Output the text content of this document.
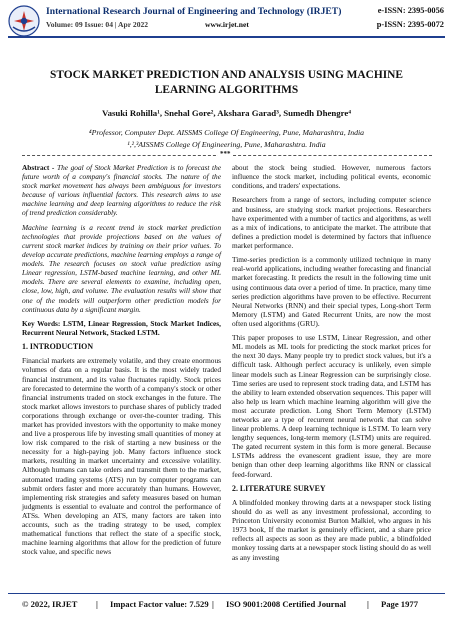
International Research Journal of Engineering and Technology (IRJET)	e-ISSN: 2395-0056
Volume: 09 Issue: 04 | Apr 2022	www.irjet.net	p-ISSN: 2395-0072
STOCK MARKET PREDICTION AND ANALYSIS USING MACHINE LEARNING ALGORITHMS
Vasuki Rohilla¹, Snehal Gore², Akshara Garad³, Sumedh Dhengre⁴
⁴Professor, Computer Dept. AISSMS College Of Engineering, Pune, Maharashtra, India
¹,²,³AISSMS College Of Engineering, Pune, Maharashtra. India
***

Abstract - The goal of Stock Market Prediction is to forecast the future worth of a company's financial stocks. The nature of the stock market movement has always been ambiguous for investors because of various influential factors. This research aims to use machine learning and deep learning algorithms to reduce the risk of trend prediction considerably.

Machine learning is a recent trend in stock market prediction technologies that provide projections based on the values of current stock market indices by training on their prior values. To develop accurate predictions, machine learning employs a range of models. The research focuses on stock value prediction using Linear regression, LSTM-based machine learning, and other ML models. There are several elements to examine, including open, close, low, high, and volume. The evaluation results will show that one of the models will outperform other prediction models for continuous data by a significant margin.

Key Words: LSTM, Linear Regression, Stock Market Indices, Recurrent Neural Network, Stacked LSTM.

1. INTRODUCTION

Financial markets are extremely volatile, and they create enormous volumes of data on a regular basis. It is the most widely traded financial instrument, and its value fluctuates rapidly. Stock prices are forecasted to determine the worth of a company's stock or other financial instruments traded on stock exchanges in the future. The stock market allows investors to purchase shares of publicly traded corporations through exchange or over-the-counter trading. This market has provided investors with the opportunity to make money and live a prosperous life by investing small quantities of money at low risk compared to the risk of starting a new business or the necessity for a high-paying job. Many factors influence stock markets, resulting in market uncertainty and excessive volatility. Although humans can take orders and transmit them to the market, automated trading systems (ATS) run by computer programs can submit orders faster and more accurately than humans. However, implementing risk strategies and safety measures based on human judgments is essential to evaluate and control the performance of ATSs. When developing an ATS, many factors are taken into accounts, such as the trading strategy to be used, complex mathematical functions that reflect the state of a specific stock, machine learning algorithms that allow for the prediction of future stock value, and specific news

about the stock being studied. However, numerous factors influence the stock market, including political events, economic conditions, and traders' expectations.

Researchers from a range of sectors, including computer science and business, are studying stock market projections. Researchers have experimented with a number of tactics and algorithms, as well as a mix of indications, to anticipate the market. The attribute that defines a prediction model is determined by factors that influence market performance.

Time-series prediction is a commonly utilized technique in many real-world applications, including weather forecasting and financial market forecasting. It predicts the result in the following time unit using continuous data over a period of time. In practice, many time series prediction algorithms have proven to be effective. Recurrent Neural Networks (RNN) and their special types, Long-short Term Memory (LSTM) and Gated Recurrent Units, are now the most often used algorithms (GRU).

This paper proposes to use LSTM, Linear Regression, and other ML models as ML tools for predicting the stock market prices for the next 30 days. Many people try to predict stock values, but it's a difficult task. Although perfect accuracy is unlikely, even simple linear models such as Linear Regression can be surprisingly close. Time series are used to represent stock trading data, and LSTM has the ability to learn extended observation sequences. This paper will also help us learn which machine learning algorithm will give the most accurate prediction. Long Short Term Memory (LSTM) networks are a type of recurrent neural network that can solve linear problems. A deep learning technique is LSTM. To learn very lengthy sequences, long-term memory (LSTM) units are required. The gated recurrent system in this form is more general. Because LSTMs address the evanescent gradient issue, they are more benign than other deep learning algorithms like RNN or classical feed-forward.

2. LITERATURE SURVEY

A blindfolded monkey throwing darts at a newspaper stock listing should do as well as any investment professional, according to Princeton University economist Burton Malkiel, who argues in his 1973 book, If the market is genuinely efficient, and a share price reflects all aspects as soon as they are made public, a blindfolded monkey tossing darts at a newspaper stock listing should do as well as any investing

© 2022, IRJET | Impact Factor value: 7.529 | ISO 9001:2008 Certified Journal | Page 1977
